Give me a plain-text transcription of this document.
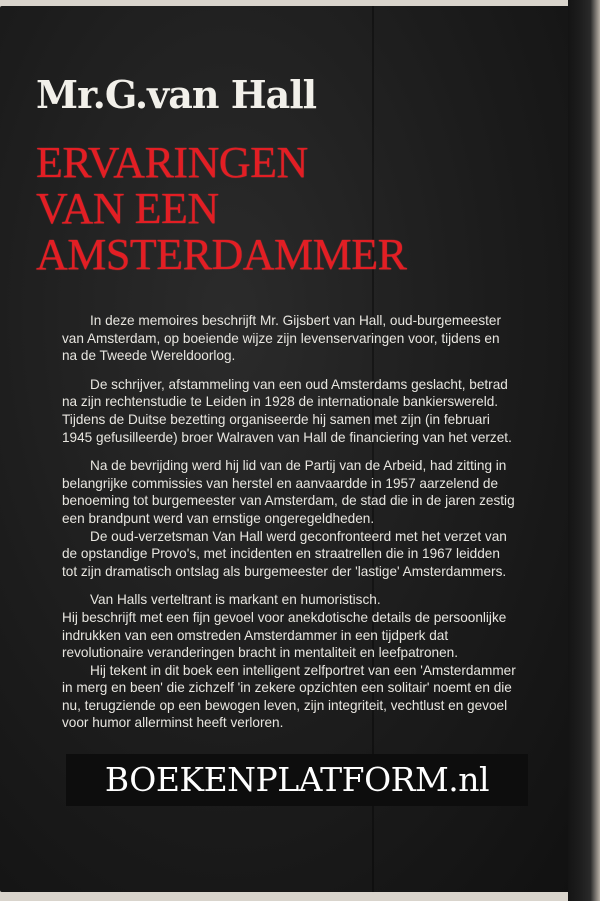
Mr.G.van Hall
ERVARINGEN
VAN EEN
AMSTERDAMMER

In deze memoires beschrijft Mr. Gijsbert van Hall, oud-burgemeester van Amsterdam, op boeiende wijze zijn levenservaringen voor, tijdens en na de Tweede Wereldoorlog.

De schrijver, afstammeling van een oud Amsterdams geslacht, betrad na zijn rechtenstudie te Leiden in 1928 de internationale bankierswereld. Tijdens de Duitse bezetting organiseerde hij samen met zijn (in februari 1945 gefusilleerde) broer Walraven van Hall de financiering van het verzet.

Na de bevrijding werd hij lid van de Partij van de Arbeid, had zitting in belangrijke commissies van herstel en aanvaardde in 1957 aarzelend de benoeming tot burgemeester van Amsterdam, de stad die in de jaren zestig een brandpunt werd van ernstige ongeregeldheden.

De oud-verzetsman Van Hall werd geconfronteerd met het verzet van de opstandige Provo's, met incidenten en straatrellen die in 1967 leidden tot zijn dramatisch ontslag als burgemeester der 'lastige' Amsterdammers.

Van Halls verteltrant is markant en humoristisch.

Hij beschrijft met een fijn gevoel voor anekdotische details de persoonlijke indrukken van een omstreden Amsterdammer in een tijdperk dat revolutionaire veranderingen bracht in mentaliteit en leefpatronen.

Hij tekent in dit boek een intelligent zelfportret van een 'Amsterdammer in merg en been' die zichzelf 'in zekere opzichten een solitair' noemt en die nu, terugziende op een bewogen leven, zijn integriteit, vechtlust en gevoel voor humor allerminst heeft verloren.

BOEKENPLATFORM.nl
